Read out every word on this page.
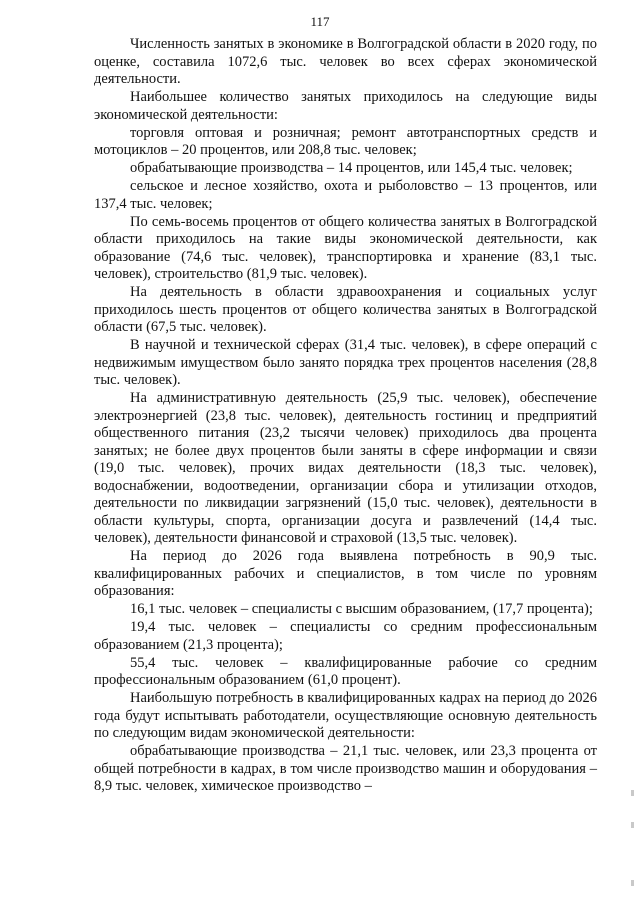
117

Численность занятых в экономике в Волгоградской области в 2020 году, по оценке, составила 1072,6 тыс. человек во всех сферах экономической деятельности.

Наибольшее количество занятых приходилось на следующие виды экономической деятельности:

торговля оптовая и розничная; ремонт автотранспортных средств и мотоциклов – 20 процентов, или 208,8 тыс. человек;

обрабатывающие производства – 14 процентов, или 145,4 тыс. человек;

сельское и лесное хозяйство, охота и рыболовство – 13 процентов, или 137,4 тыс. человек;

По семь-восемь процентов от общего количества занятых в Волгоградской области приходилось на такие виды экономической деятельности, как образование (74,6 тыс. человек), транспортировка и хранение (83,1 тыс. человек), строительство (81,9 тыс. человек).

На деятельность в области здравоохранения и социальных услуг приходилось шесть процентов от общего количества занятых в Волгоградской области (67,5 тыс. человек).

В научной и технической сферах (31,4 тыс. человек), в сфере операций с недвижимым имуществом было занято порядка трех процентов населения (28,8 тыс. человек).

На административную деятельность (25,9 тыс. человек), обеспечение электроэнергией (23,8 тыс. человек), деятельность гостиниц и предприятий общественного питания (23,2 тысячи человек) приходилось два процента занятых; не более двух процентов были заняты в сфере информации и связи (19,0 тыс. человек), прочих видах деятельности (18,3 тыс. человек), водоснабжении, водоотведении, организации сбора и утилизации отходов, деятельности по ликвидации загрязнений (15,0 тыс. человек), деятельности в области культуры, спорта, организации досуга и развлечений (14,4 тыс. человек), деятельности финансовой и страховой (13,5 тыс. человек).

На период до 2026 года выявлена потребность в 90,9 тыс. квалифицированных рабочих и специалистов, в том числе по уровням образования:

16,1 тыс. человек – специалисты с высшим образованием, (17,7 процента);

19,4 тыс. человек – специалисты со средним профессиональным образованием (21,3 процента);

55,4 тыс. человек – квалифицированные рабочие со средним профессиональным образованием (61,0 процент).

Наибольшую потребность в квалифицированных кадрах на период до 2026 года будут испытывать работодатели, осуществляющие основную деятельность по следующим видам экономической деятельности:

обрабатывающие производства – 21,1 тыс. человек, или 23,3 процента от общей потребности в кадрах, в том числе производство машин и оборудования – 8,9 тыс. человек, химическое производство –
